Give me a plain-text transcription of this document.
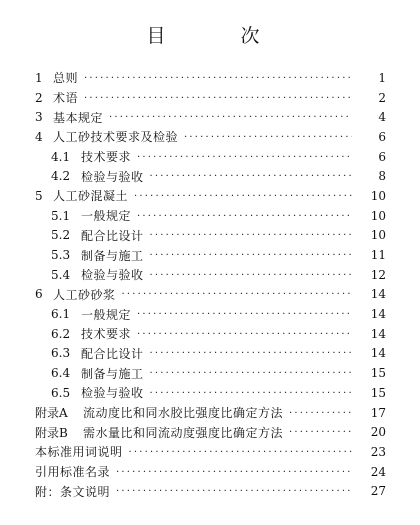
目　次
1 总则 ·····	1
2 术语 ·····	2
3 基本规定 ·····	4
4 人工砂技术要求及检验 ·····	6
4.1 技术要求 ·····	6
4.2 检验与验收 ·····	8
5 人工砂混凝土 ·····	10
5.1 一般规定 ·····	10
5.2 配合比设计 ·····	10
5.3 制备与施工 ·····	11
5.4 检验与验收 ·····	12
6 人工砂砂浆 ·····	14
6.1 一般规定 ·····	14
6.2 技术要求 ·····	14
6.3 配合比设计 ·····	14
6.4 制备与施工 ·····	15
6.5 检验与验收 ·····	15
附录A	流动度比和同水胶比强度比确定方法 ·····	17
附录B	需水量比和同流动度强度比确定方法 ·····	20
本标准用词说明 ·····	23
引用标准名录 ·····	24
附：条文说明 ·····	27
